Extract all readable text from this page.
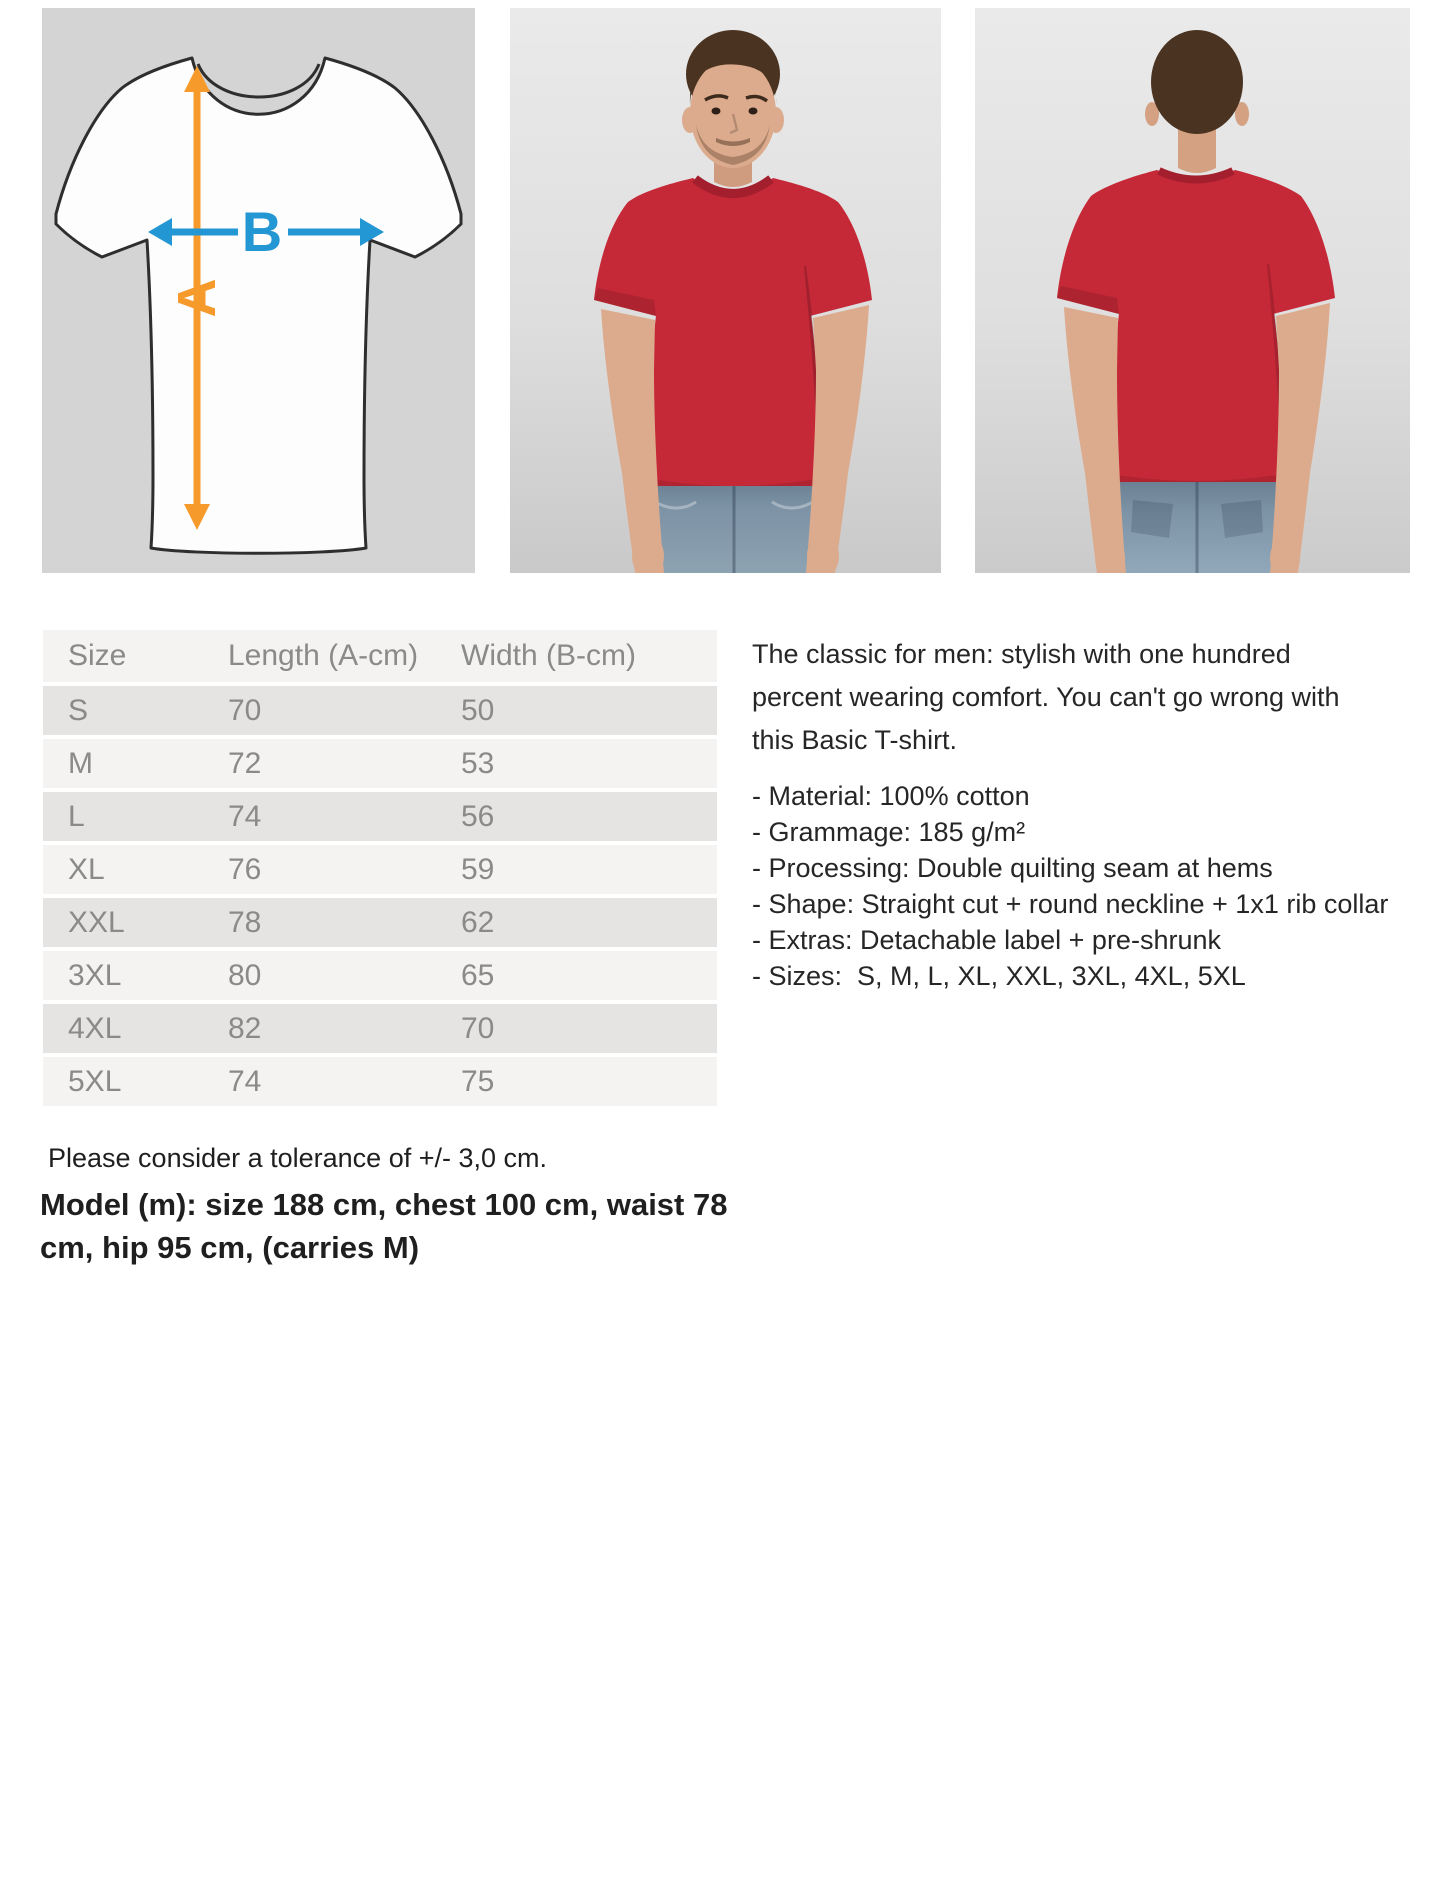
A
B
Size	Length (A-cm)	Width (B-cm)
S	70	50
M	72	53
L	74	56
XL	76	59
XXL	78	62
3XL	80	65
4XL	82	70
5XL	74	75
The classic for men: stylish with one hundred
percent wearing comfort. You can't go wrong with
this Basic T-shirt.
- Material: 100% cotton
- Grammage: 185 g/m²
- Processing: Double quilting seam at hems
- Shape: Straight cut + round neckline + 1x1 rib collar
- Extras: Detachable label + pre-shrunk
- Sizes:  S, M, L, XL, XXL, 3XL, 4XL, 5XL
Please consider a tolerance of +/- 3,0 cm.
Model (m): size 188 cm, chest 100 cm, waist 78
cm, hip 95 cm, (carries M)
